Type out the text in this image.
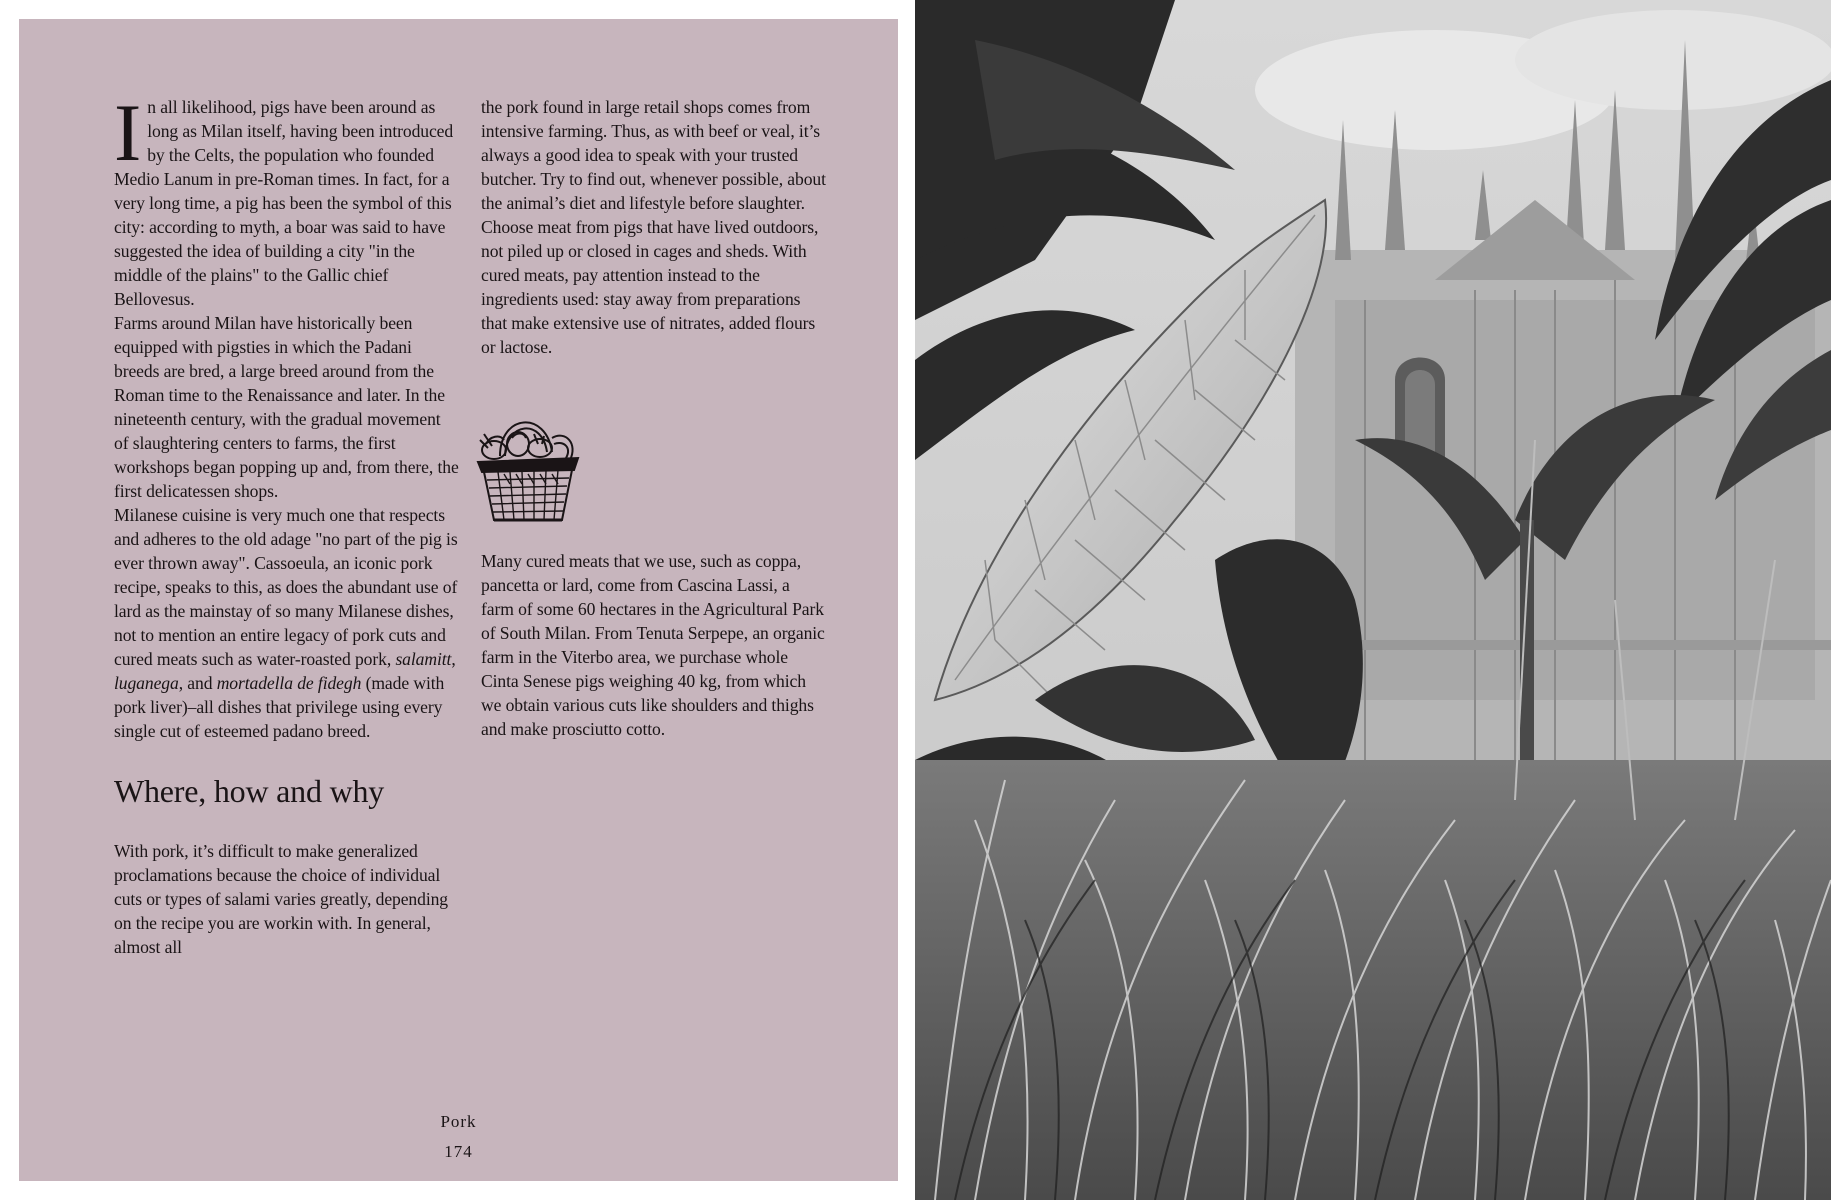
In all likelihood, pigs have been around as long as Milan itself, having been introduced by the Celts, the population who founded Medio Lanum in pre-Roman times. In fact, for a very long time, a pig has been the symbol of this city: according to myth, a boar was said to have suggested the idea of building a city "in the middle of the plains" to the Gallic chief Bellovesus.

Farms around Milan have historically been equipped with pigsties in which the Padani breeds are bred, a large breed around from the Roman time to the Renaissance and later. In the nineteenth century, with the gradual movement of slaughtering centers to farms, the first workshops began popping up and, from there, the first delicatessen shops.

Milanese cuisine is very much one that respects and adheres to the old adage "no part of the pig is ever thrown away". Cassoeula, an iconic pork recipe, speaks to this, as does the abundant use of lard as the mainstay of so many Milanese dishes, not to mention an entire legacy of pork cuts and cured meats such as water-roasted pork, salamitt, luganega, and mortadella de fidegh (made with pork liver)–all dishes that privilege using every single cut of esteemed padano breed.

Where, how and why

With pork, it’s difficult to make generalized proclamations because the choice of individual cuts or types of salami varies greatly, depending on the recipe you are workin with. In general, almost all

the pork found in large retail shops comes from intensive farming. Thus, as with beef or veal, it’s always a good idea to speak with your trusted butcher. Try to find out, whenever possible, about the animal’s diet and lifestyle before slaughter. Choose meat from pigs that have lived outdoors, not piled up or closed in cages and sheds. With cured meats, pay attention instead to the ingredients used: stay away from preparations that make extensive use of nitrates, added flours or lactose.

Many cured meats that we use, such as coppa, pancetta or lard, come from Cascina Lassi, a farm of some 60 hectares in the Agricultural Park of South Milan. From Tenuta Serpepe, an organic farm in the Viterbo area, we purchase whole Cinta Senese pigs weighing 40 kg, from which we obtain various cuts like shoulders and thighs and make prosciutto cotto.

Pork
174
